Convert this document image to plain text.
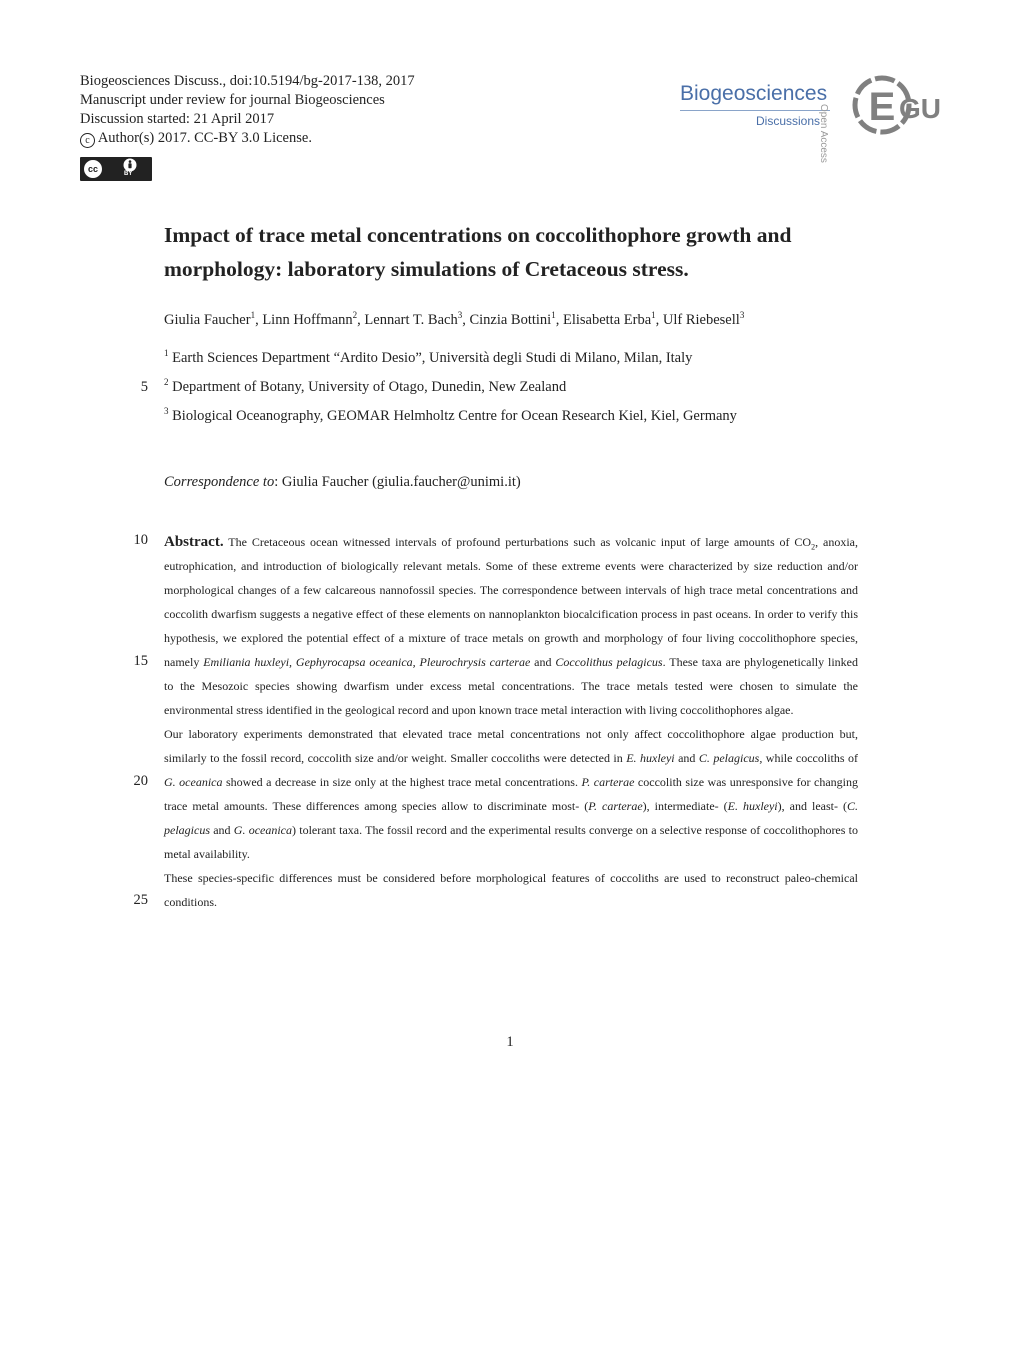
Biogeosciences Discuss., doi:10.5194/bg-2017-138, 2017
Manuscript under review for journal Biogeosciences
Discussion started: 21 April 2017
c Author(s) 2017. CC-BY 3.0 License.
cc	BY
Biogeosciences
Discussions
Open Access E GU
Impact of trace metal concentrations on coccolithophore growth and morphology: laboratory simulations of Cretaceous stress.
Giulia Faucher$^1$, Linn Hoffmann$^2$, Lennart T. Bach$^3$, Cinzia Bottini$^1$, Elisabetta Erba$^1$, Ulf Riebesell$^3$
$^1$ Earth Sciences Department “Ardito Desio”, Università degli Studi di Milano, Milan, Italy
$^2$ Department of Botany, University of Otago, Dunedin, New Zealand
$^3$ Biological Oceanography, GEOMAR Helmholtz Centre for Ocean Research Kiel, Kiel, Germany
5
10
15
20
25
Correspondence to: Giulia Faucher (giulia.faucher@unimi.it)

Abstract. The Cretaceous ocean witnessed intervals of profound perturbations such as volcanic input of large amounts of $CO_2$, anoxia, eutrophication, and introduction of biologically relevant metals. Some of these extreme events were characterized by size reduction and/or morphological changes of a few calcareous nannofossil species. The correspondence between intervals of high trace metal concentrations and coccolith dwarfism suggests a negative effect of these elements on nannoplankton biocalcification process in past oceans. In order to verify this hypothesis, we explored the potential effect of a mixture of trace metals on growth and morphology of four living coccolithophore species, namely Emiliania huxleyi, Gephyrocapsa oceanica, Pleurochrysis carterae and Coccolithus pelagicus. These taxa are phylogenetically linked to the Mesozoic species showing dwarfism under excess metal concentrations. The trace metals tested were chosen to simulate the environmental stress identified in the geological record and upon known trace metal interaction with living coccolithophores algae.

Our laboratory experiments demonstrated that elevated trace metal concentrations not only affect coccolithophore algae production but, similarly to the fossil record, coccolith size and/or weight. Smaller coccoliths were detected in E. huxleyi and C. pelagicus, while coccoliths of G. oceanica showed a decrease in size only at the highest trace metal concentrations. P. carterae coccolith size was unresponsive for changing trace metal amounts. These differences among species allow to discriminate most- (P. carterae), intermediate- (E. huxleyi), and least- (C. pelagicus and G. oceanica) tolerant taxa. The fossil record and the experimental results converge on a selective response of coccolithophores to metal availability.

These species-specific differences must be considered before morphological features of coccoliths are used to reconstruct paleo-chemical conditions.

1
